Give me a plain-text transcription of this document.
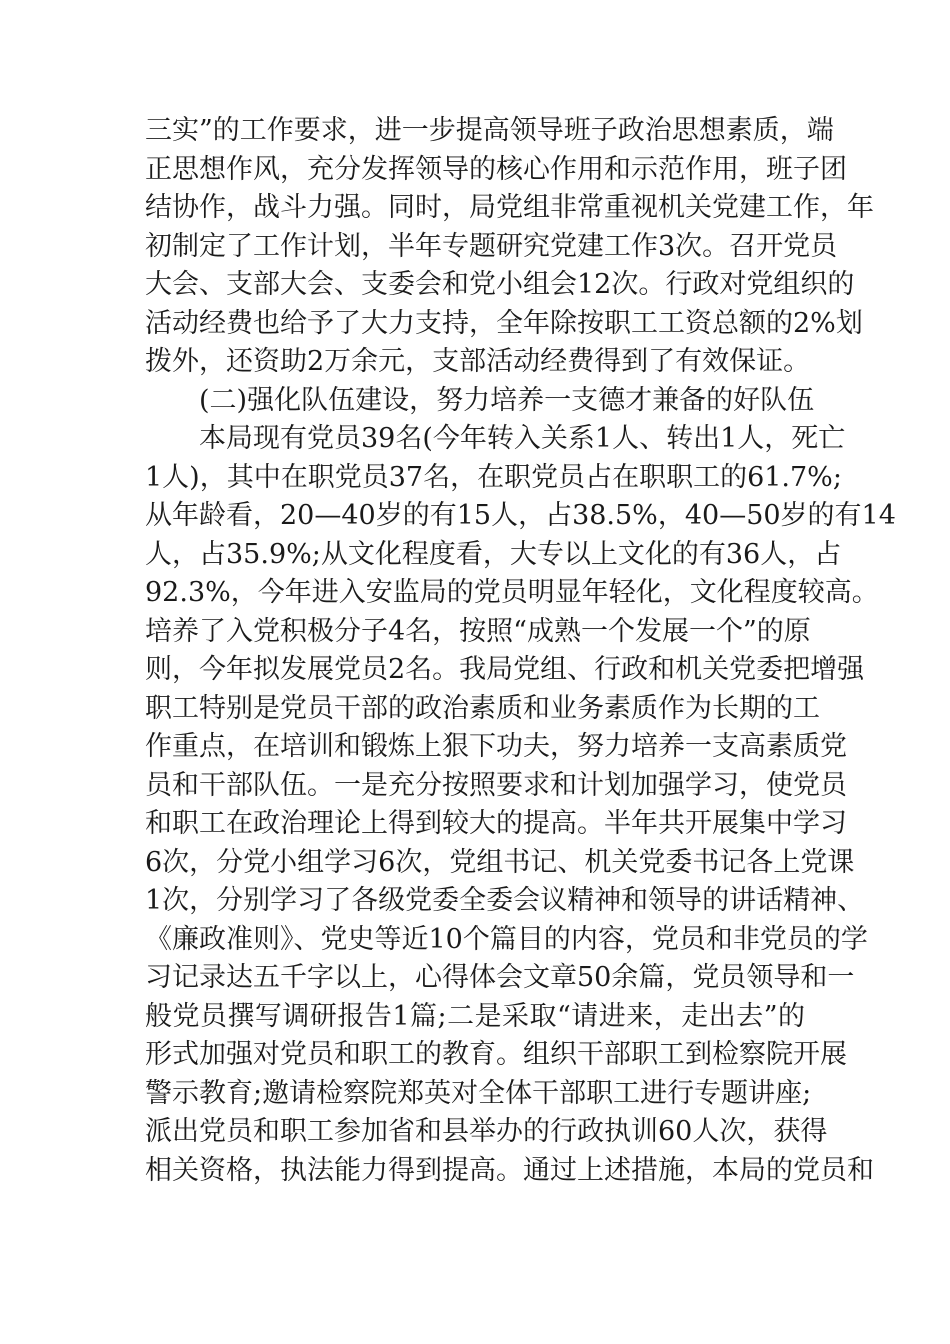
三实”的工作要求，进一步提高领导班子政治思想素质，端
正思想作风，充分发挥领导的核心作用和示范作用，班子团
结协作，战斗力强。同时，局党组非常重视机关党建工作，年
初制定了工作计划，半年专题研究党建工作3次。召开党员
大会、支部大会、支委会和党小组会12次。行政对党组织的
活动经费也给予了大力支持，全年除按职工工资总额的2%划
拨外，还资助2万余元，支部活动经费得到了有效保证。
(二)强化队伍建设，努力培养一支德才兼备的好队伍
本局现有党员39名(今年转入关系1人、转出1人，死亡
1人)，其中在职党员37名，在职党员占在职职工的61.7%;
从年龄看，20—40岁的有15人，占38.5%，40—50岁的有14
人，占35.9%;从文化程度看，大专以上文化的有36人，占
92.3%，今年进入安监局的党员明显年轻化，文化程度较高。
培养了入党积极分子4名，按照“成熟一个发展一个”的原
则，今年拟发展党员2名。我局党组、行政和机关党委把增强
职工特别是党员干部的政治素质和业务素质作为长期的工
作重点，在培训和锻炼上狠下功夫，努力培养一支高素质党
员和干部队伍。一是充分按照要求和计划加强学习，使党员
和职工在政治理论上得到较大的提高。半年共开展集中学习
6次，分党小组学习6次，党组书记、机关党委书记各上党课
1次，分别学习了各级党委全委会议精神和领导的讲话精神、
《廉政准则》、党史等近10个篇目的内容，党员和非党员的学
习记录达五千字以上，心得体会文章50余篇，党员领导和一
般党员撰写调研报告1篇;二是采取“请进来，走出去”的
形式加强对党员和职工的教育。组织干部职工到检察院开展
警示教育;邀请检察院郑英对全体干部职工进行专题讲座;
派出党员和职工参加省和县举办的行政执训60人次，获得
相关资格，执法能力得到提高。通过上述措施，本局的党员和
